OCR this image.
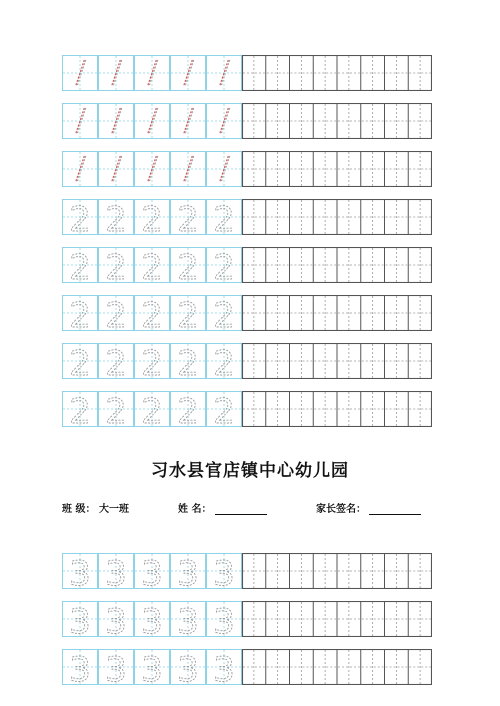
2 2 2 2 2
2 2 2 2 2
2 2 2 2 2
2 2 2 2 2
2 2 2 2 2
习水县官店镇中心幼儿园
班 级： 大一班	姓 名：	家长签名：
3 3 3 3 3
3 3 3 3 3
3 3 3 3 3
